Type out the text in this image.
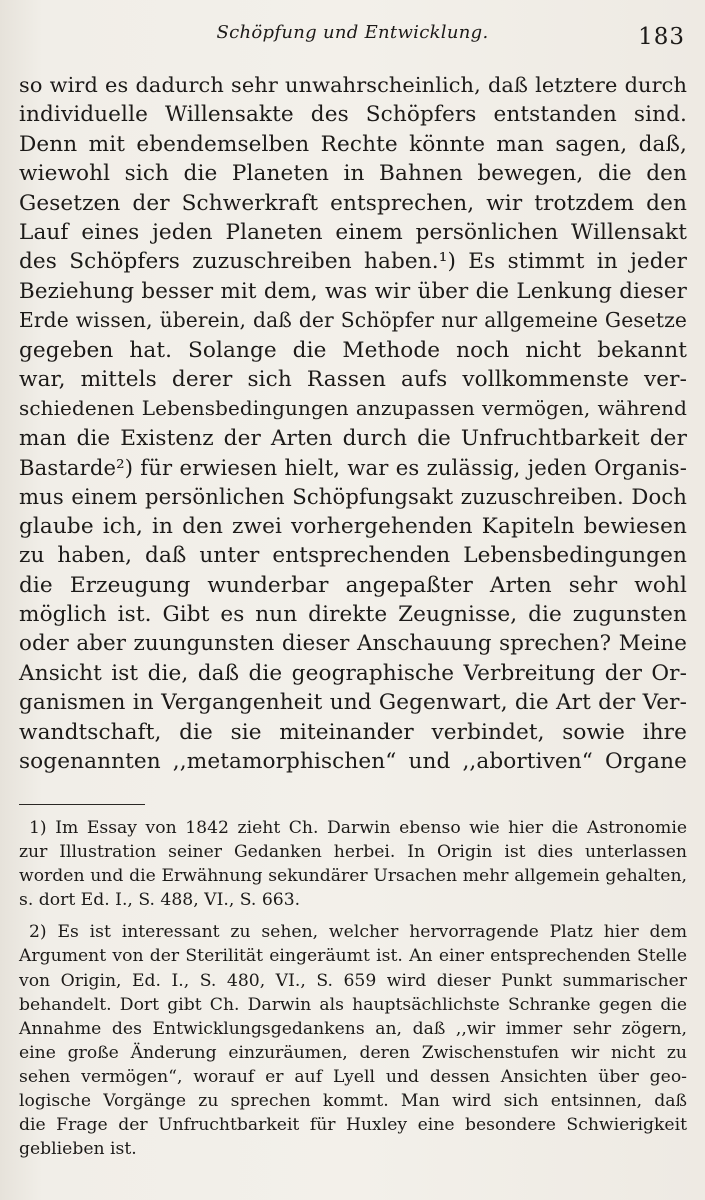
Schöpfung und Entwicklung.	183
so wird es dadurch sehr unwahrscheinlich, daß letztere durch
individuelle Willensakte des Schöpfers entstanden sind.
Denn mit ebendemselben Rechte könnte man sagen, daß,
wiewohl sich die Planeten in Bahnen bewegen, die den
Gesetzen der Schwerkraft entsprechen, wir trotzdem den
Lauf eines jeden Planeten einem persönlichen Willensakt
des Schöpfers zuzuschreiben haben.¹) Es stimmt in jeder
Beziehung besser mit dem, was wir über die Lenkung dieser
Erde wissen, überein, daß der Schöpfer nur allgemeine Gesetze
gegeben hat. Solange die Methode noch nicht bekannt
war, mittels derer sich Rassen aufs vollkommenste ver-
schiedenen Lebensbedingungen anzupassen vermögen, während
man die Existenz der Arten durch die Unfruchtbarkeit der
Bastarde²) für erwiesen hielt, war es zulässig, jeden Organis-
mus einem persönlichen Schöpfungsakt zuzuschreiben. Doch
glaube ich, in den zwei vorhergehenden Kapiteln bewiesen
zu haben, daß unter entsprechenden Lebensbedingungen
die Erzeugung wunderbar angepaßter Arten sehr wohl
möglich ist. Gibt es nun direkte Zeugnisse, die zugunsten
oder aber zuungunsten dieser Anschauung sprechen? Meine
Ansicht ist die, daß die geographische Verbreitung der Or-
ganismen in Vergangenheit und Gegenwart, die Art der Ver-
wandtschaft, die sie miteinander verbindet, sowie ihre
sogenannten ,,metamorphischen“ und ,,abortiven“ Organe
1) Im Essay von 1842 zieht Ch. Darwin ebenso wie hier die Astronomie
zur Illustration seiner Gedanken herbei. In Origin ist dies unterlassen
worden und die Erwähnung sekundärer Ursachen mehr allgemein gehalten,
s. dort Ed. I., S. 488, VI., S. 663.
2) Es ist interessant zu sehen, welcher hervorragende Platz hier dem
Argument von der Sterilität eingeräumt ist. An einer entsprechenden Stelle
von Origin, Ed. I., S. 480, VI., S. 659 wird dieser Punkt summarischer
behandelt. Dort gibt Ch. Darwin als hauptsächlichste Schranke gegen die
Annahme des Entwicklungsgedankens an, daß ,,wir immer sehr zögern,
eine große Änderung einzuräumen, deren Zwischenstufen wir nicht zu
sehen vermögen“, worauf er auf Lyell und dessen Ansichten über geo-
logische Vorgänge zu sprechen kommt. Man wird sich entsinnen, daß
die Frage der Unfruchtbarkeit für Huxley eine besondere Schwierigkeit
geblieben ist.
